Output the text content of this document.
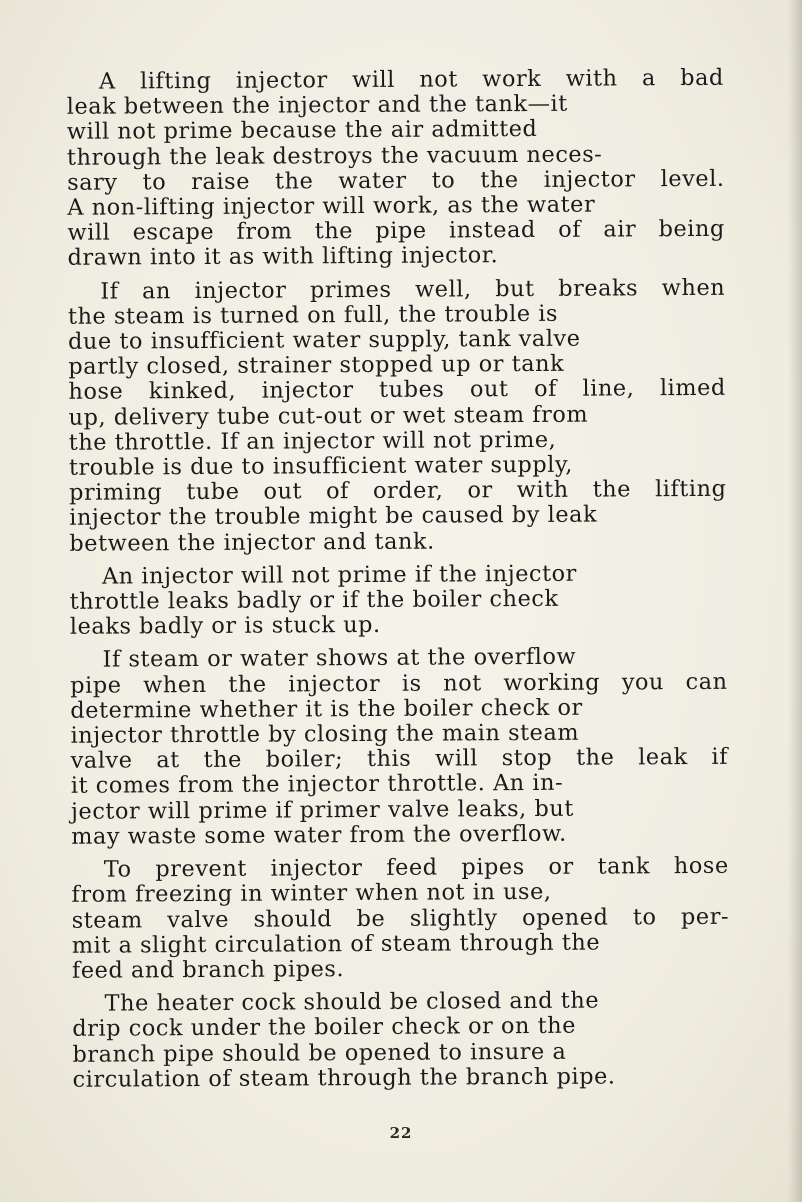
A lifting injector will not work with a bad
leak between the injector and the tank—it
will not prime because the air admitted
through the leak destroys the vacuum neces-
sary to raise the water to the injector level.
A non-lifting injector will work, as the water
will escape from the pipe instead of air being
drawn into it as with lifting injector.

If an injector primes well, but breaks when
the steam is turned on full, the trouble is
due to insufficient water supply, tank valve
partly closed, strainer stopped up or tank
hose kinked, injector tubes out of line, limed
up, delivery tube cut-out or wet steam from
the throttle. If an injector will not prime,
trouble is due to insufficient water supply,
priming tube out of order, or with the lifting
injector the trouble might be caused by leak
between the injector and tank.

An injector will not prime if the injector
throttle leaks badly or if the boiler check
leaks badly or is stuck up.

If steam or water shows at the overflow
pipe when the injector is not working you can
determine whether it is the boiler check or
injector throttle by closing the main steam
valve at the boiler; this will stop the leak if
it comes from the injector throttle. An in-
jector will prime if primer valve leaks, but
may waste some water from the overflow.

To prevent injector feed pipes or tank hose
from freezing in winter when not in use,
steam valve should be slightly opened to per-
mit a slight circulation of steam through the
feed and branch pipes.

The heater cock should be closed and the
drip cock under the boiler check or on the
branch pipe should be opened to insure a
circulation of steam through the branch pipe.

22
